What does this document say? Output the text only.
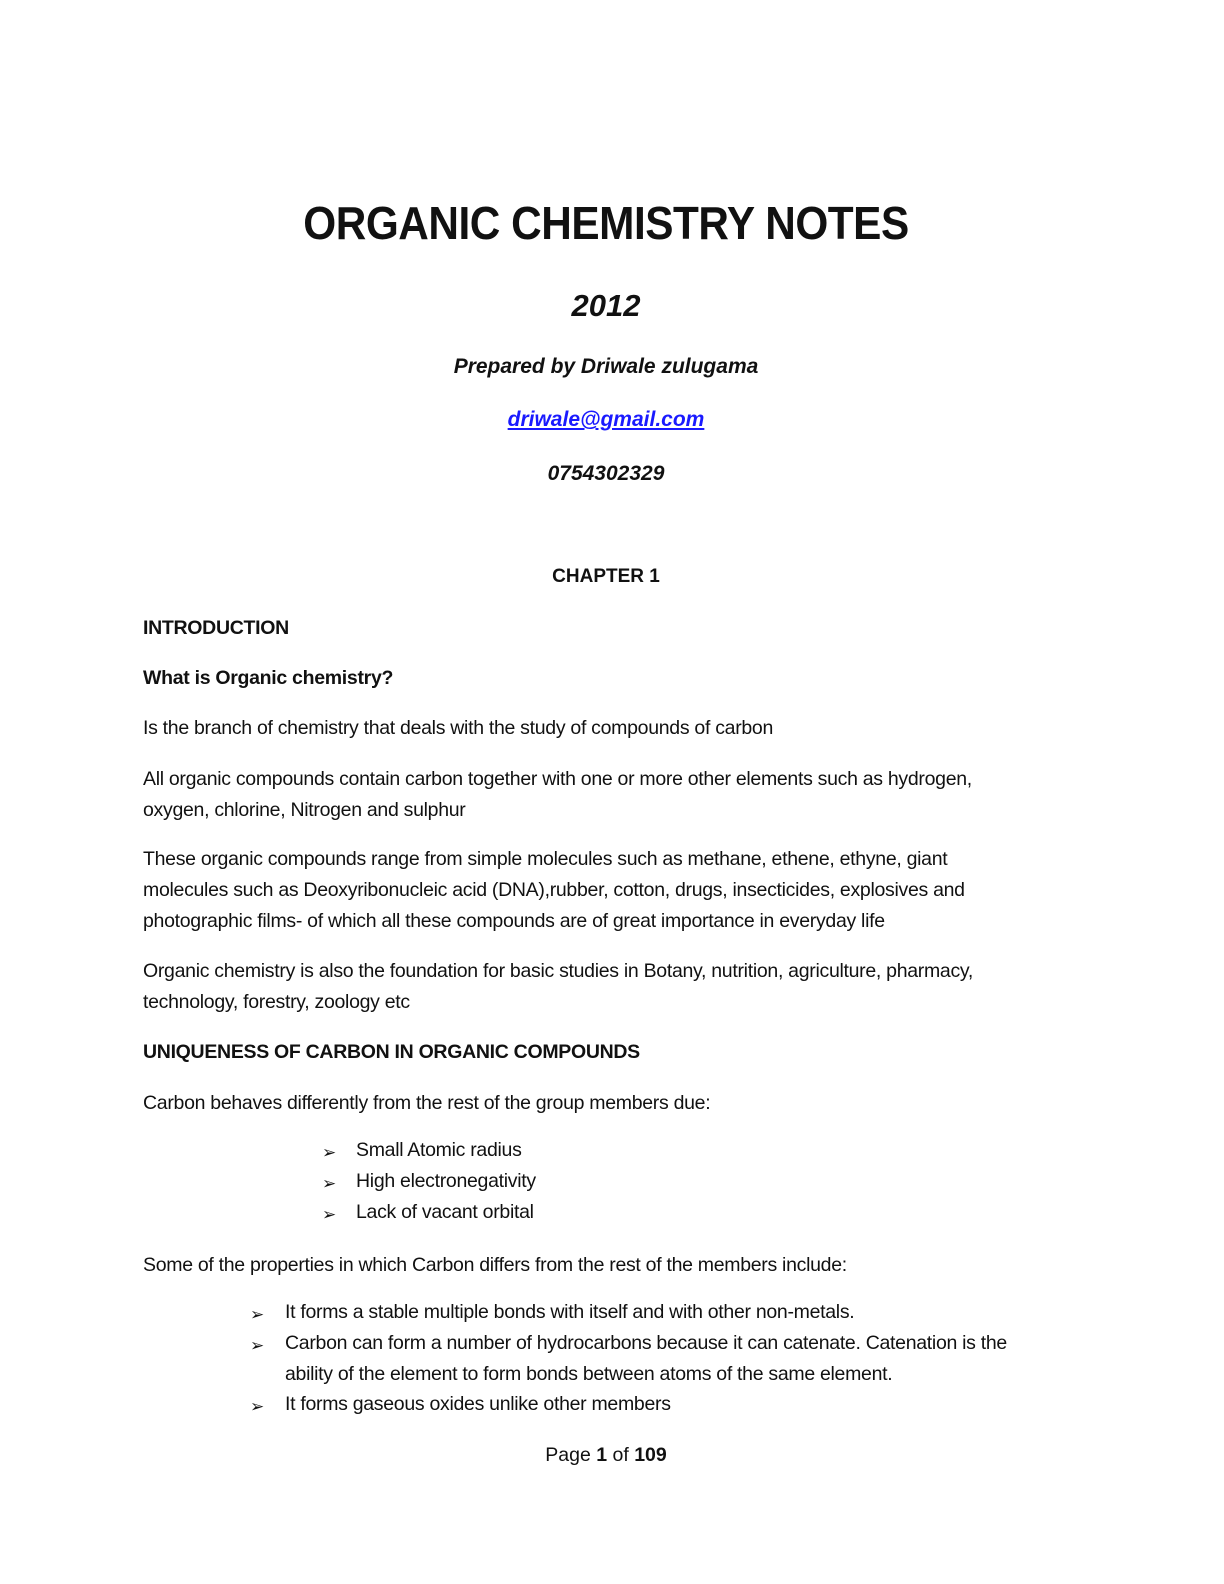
ORGANIC CHEMISTRY NOTES
2012
Prepared by Driwale zulugama
driwale@gmail.com
0754302329
CHAPTER 1
INTRODUCTION
What is Organic chemistry?
Is the branch of chemistry that deals with the study of compounds of carbon
All organic compounds contain carbon together with one or more other elements such as hydrogen,
oxygen, chlorine, Nitrogen and sulphur
These organic compounds range from simple molecules such as methane, ethene, ethyne, giant
molecules such as Deoxyribonucleic acid (DNA),rubber, cotton, drugs, insecticides, explosives and
photographic films- of which all these compounds are of great importance in everyday life
Organic chemistry is also the foundation for basic studies in Botany, nutrition, agriculture, pharmacy,
technology, forestry, zoology etc
UNIQUENESS OF CARBON IN ORGANIC COMPOUNDS
Carbon behaves differently from the rest of the group members due:
➢ Small Atomic radius
➢ High electronegativity
➢ Lack of vacant orbital
Some of the properties in which Carbon differs from the rest of the members include:
➢ It forms a stable multiple bonds with itself and with other non-metals.
➢ Carbon can form a number of hydrocarbons because it can catenate. Catenation is the
ability of the element to form bonds between atoms of the same element.
➢ It forms gaseous oxides unlike other members
Page 1 of 109
